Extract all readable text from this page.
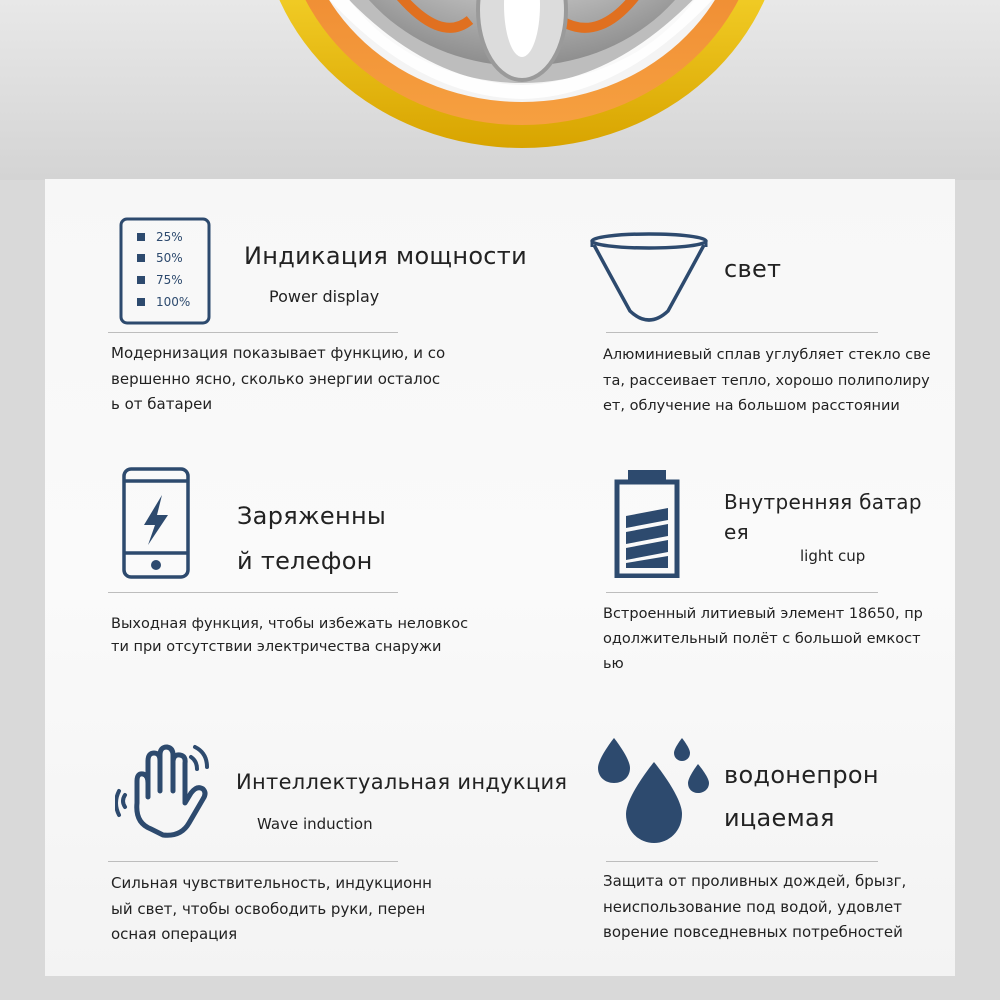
25%
50%
75%
100%
Индикация мощности
Power display
Модернизация показывает функцию, и со
вершенно ясно, сколько энергии осталос
ь от батареи
свет
Алюминиевый сплав углубляет стекло све
та, рассеивает тепло, хорошо полиполиру
ет, облучение на большом расстоянии
Заряженны
й телефон
Выходная функция, чтобы избежать неловкос
ти при отсутствии электричества снаружи
Внутренняя батар
ея
light cup
Встроенный литиевый элемент 18650, пр
одолжительный полёт с большой емкост
ью
Интеллектуальная индукция
Wave induction
Сильная чувствительность, индукционн
ый свет, чтобы освободить руки, перен
осная операция
водонепрон
ицаемая
Защита от проливных дождей, брызг,
неиспользование под водой, удовлет
ворение повседневных потребностей
